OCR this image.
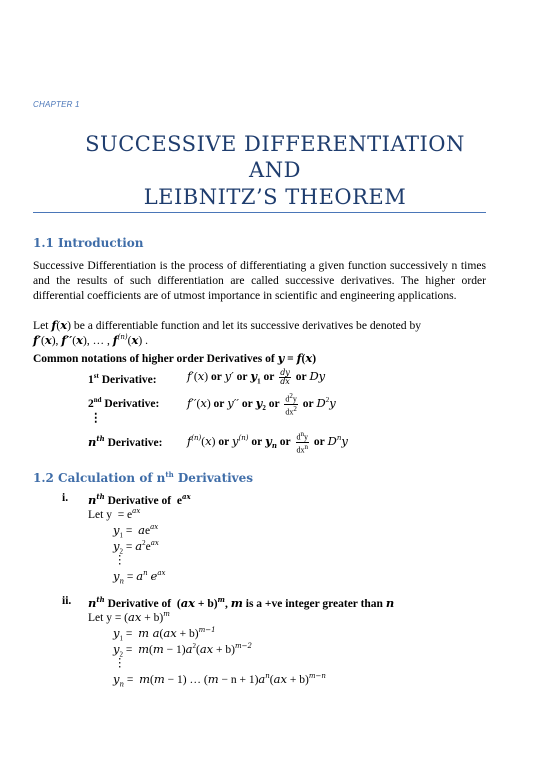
CHAPTER 1
SUCCESSIVE DIFFERENTIATION
AND
LEIBNITZ’S THEOREM
1.1 Introduction
Successive Differentiation is the process of differentiating a given function successively n times and the results of such differentiation are called successive derivatives. The higher order differential coefficients are of utmost importance in scientific and engineering applications.
Let f(x) be a differentiable function and let its successive derivatives be denoted by
f′(x), f′′(x), … , $f^{(n)}(x)$ .
Common notations of higher order Derivatives of y = f(x)
1st Derivative:	f′(x) or y′ or $y_1$ or $\frac{dy}{dx}$ or Dy
2nd Derivative: f′′(x) or y′′ or $y_2$ or $\frac{d^2y}{dx^2}$ or $D^2y$
⋮
$n^{th}$ Derivative: $f^{(n)}(x)$ or $y^{(n)}$ or $y_n$ or $\frac{d^ny}{dx^n}$ or $D^ny$
1.2 Calculation of $n^{th}$ Derivatives
i. $n^{th}$ Derivative of  $e^{ax}$
Let $y = e^{ax}$
$y_1 = ae^{ax}$
$y_2 = a^2e^{ax}$
⋮
$y_n = a^n$ $e^{ax}$
ii. $n^{th}$ Derivative of  (ax + b)$^m$, m is a +ve integer greater than n
Let y = (ax + b)$^m$
$y_1 = m$ a(ax + b)$^{m-1}$
$y_2 = m(m - 1)a^2(ax + b)^{m-2}$
⋮
$y_n = m(m - 1)$ … $(m - n + 1)a^n(ax + b)^{m-n}$
